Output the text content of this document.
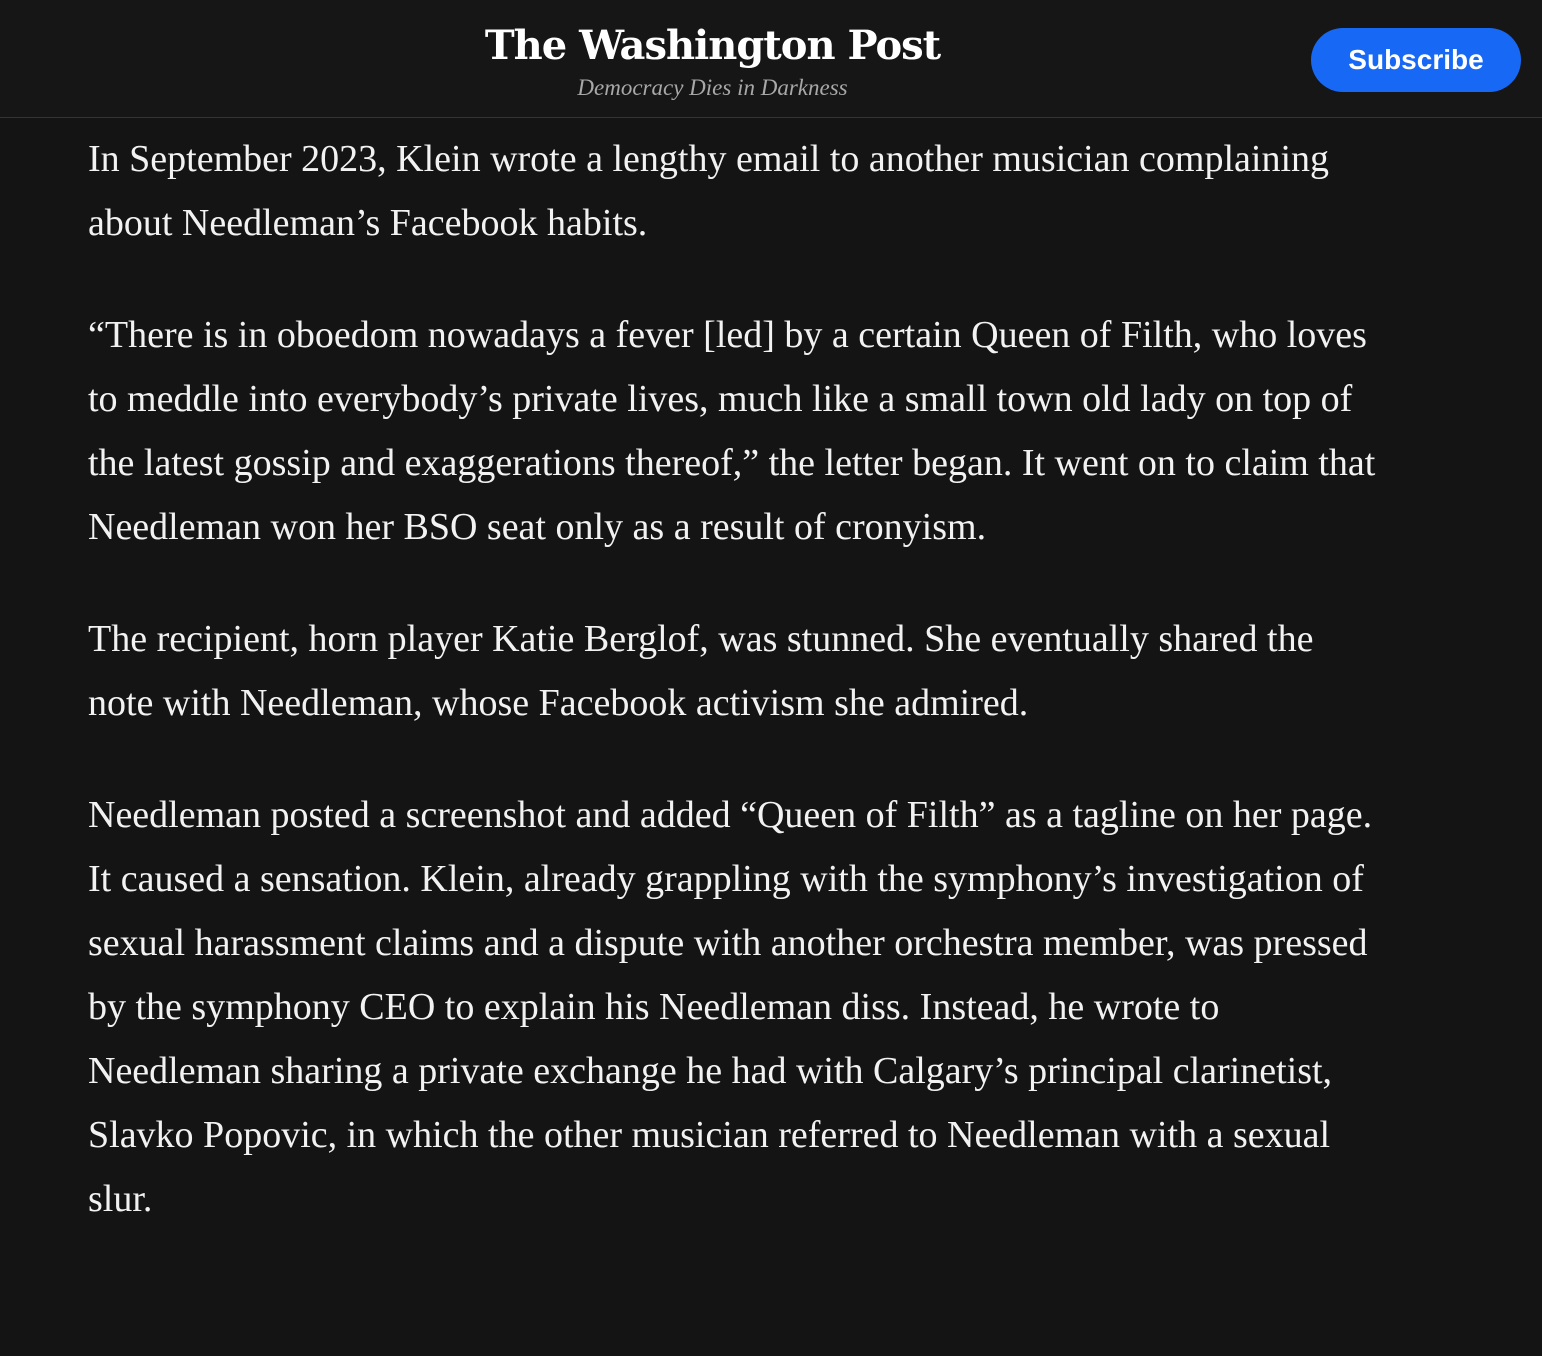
The Washington Post
Democracy Dies in Darkness
Subscribe

In September 2023, Klein wrote a lengthy email to another musician complaining about Needleman’s Facebook habits.

“There is in oboedom nowadays a fever [led] by a certain Queen of Filth, who loves to meddle into everybody’s private lives, much like a small town old lady on top of the latest gossip and exaggerations thereof,” the letter began. It went on to claim that Needleman won her BSO seat only as a result of cronyism.

The recipient, horn player Katie Berglof, was stunned. She eventually shared the note with Needleman, whose Facebook activism she admired.

Needleman posted a screenshot and added “Queen of Filth” as a tagline on her page. It caused a sensation. Klein, already grappling with the symphony’s investigation of sexual harassment claims and a dispute with another orchestra member, was pressed by the symphony CEO to explain his Needleman diss. Instead, he wrote to Needleman sharing a private exchange he had with Calgary’s principal clarinetist, Slavko Popovic, in which the other musician referred to Needleman with a sexual slur.
